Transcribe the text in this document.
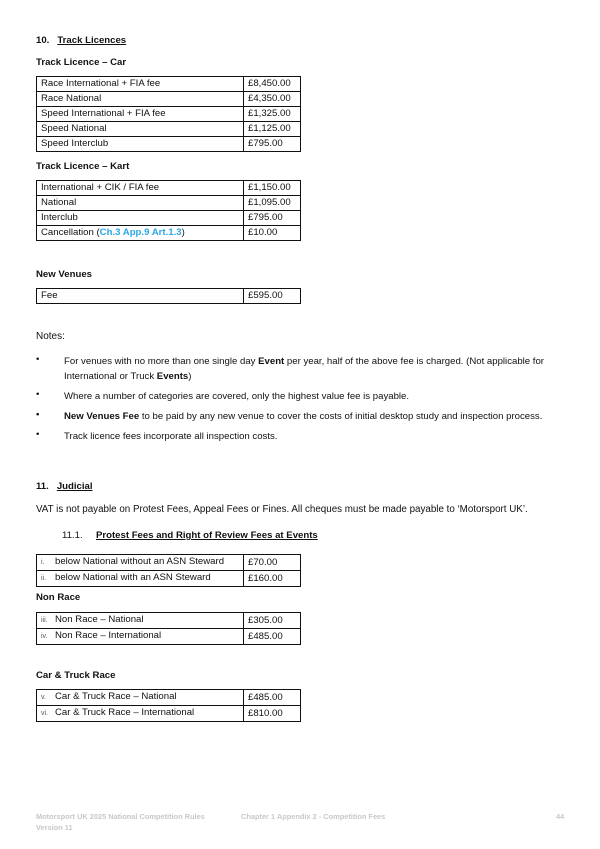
10. Track Licences
Track Licence – Car
Race International + FIA fee	£8,450.00
Race National	£4,350.00
Speed International + FIA fee	£1,325.00
Speed National	£1,125.00
Speed Interclub	£795.00
Track Licence – Kart
International + CIK / FIA fee	£1,150.00
National	£1,095.00
Interclub	£795.00
Cancellation (Ch.3 App.9 Art.1.3)	£10.00
New Venues
Fee	£595.00
Notes:
•	For venues with no more than one single day Event per year, half of the above fee is charged. (Not applicable for International or Truck Events)
•	Where a number of categories are covered, only the highest value fee is payable.
•	New Venues Fee to be paid by any new venue to cover the costs of initial desktop study and inspection process.
•	Track licence fees incorporate all inspection costs.
11. Judicial
VAT is not payable on Protest Fees, Appeal Fees or Fines. All cheques must be made payable to ‘Motorsport UK’.
11.1. Protest Fees and Right of Review Fees at Events
i. below National without an ASN Steward	£70.00
ii. below National with an ASN Steward	£160.00
Non Race
iii. Non Race – National	£305.00
iv. Non Race – International	£485.00
Car & Truck Race
v. Car & Truck Race – National	£485.00
vi. Car & Truck Race – International	£810.00
Motorsport UK 2025 National Competition Rules
Version 11
Chapter 1 Appendix 2 - Competition Fees	44
